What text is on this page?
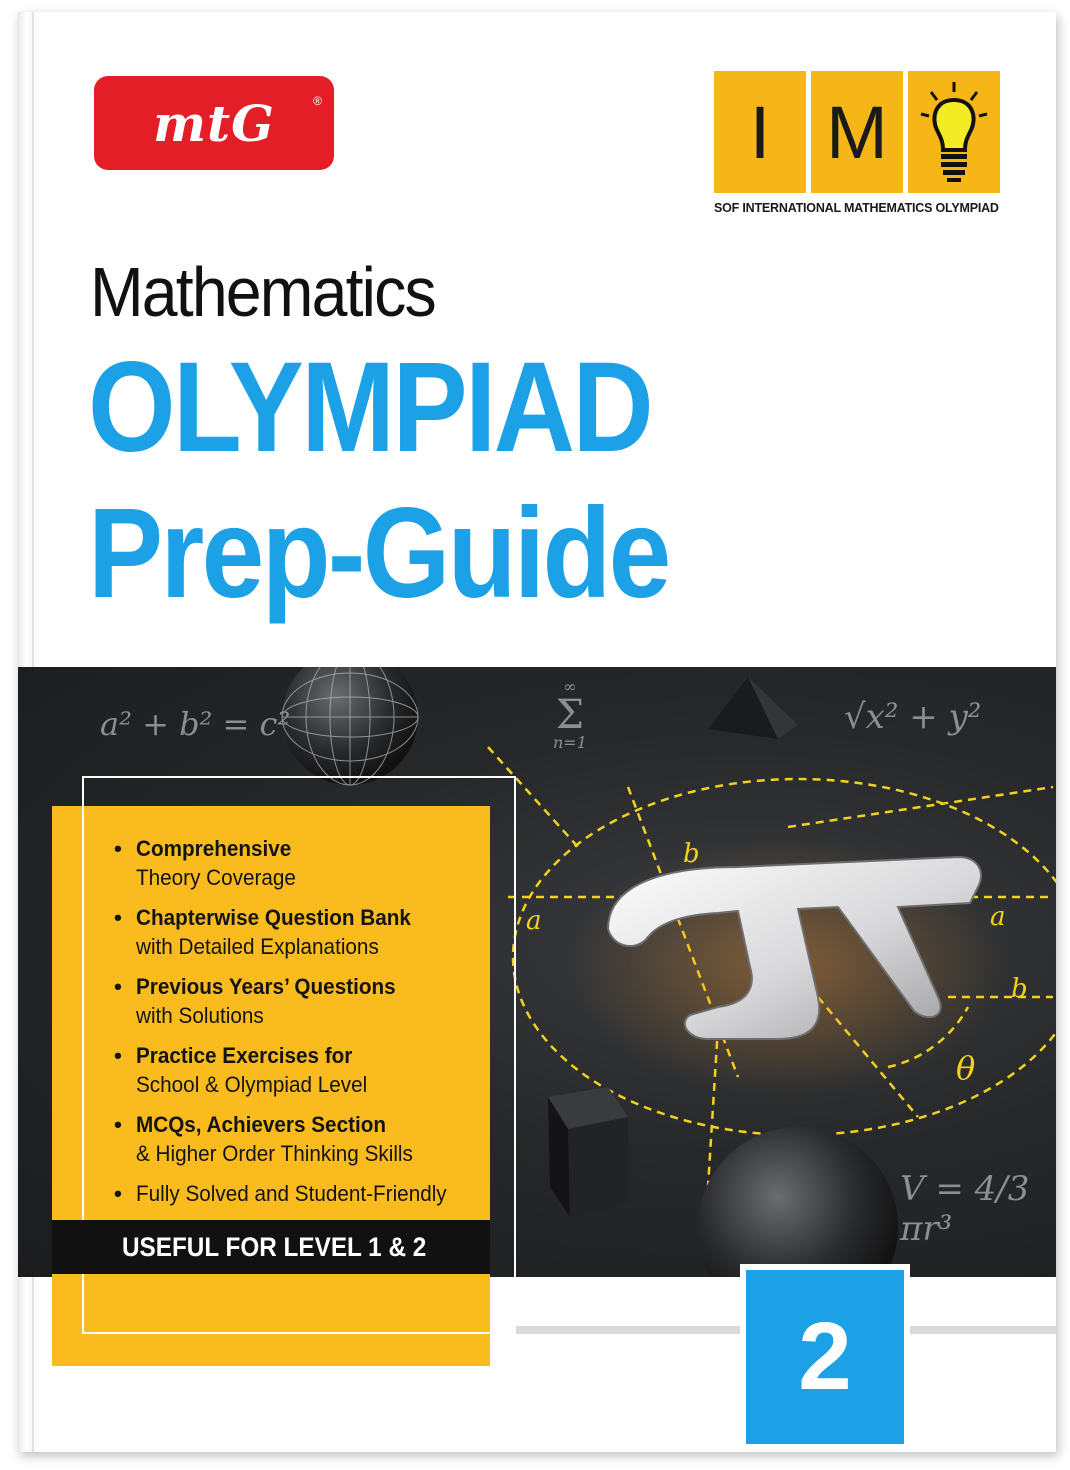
mtG	®	I M
SOF INTERNATIONAL MATHEMATICS OLYMPIAD
Mathematics
OLYMPIAD
Prep-Guide
b
a	a
b
θ
a² + b² = c²
∞
Σ
n=1
√x² + y²
V = 4/3 πr³
• Comprehensive
Theory Coverage
• Chapterwise Question Bank
with Detailed Explanations
• Previous Years’ Questions
with Solutions
• Practice Exercises for
School & Olympiad Level
• MCQs, Achievers Section
& Higher Order Thinking Skills
• Fully Solved and Student-Friendly
USEFUL FOR LEVEL 1 & 2
2
